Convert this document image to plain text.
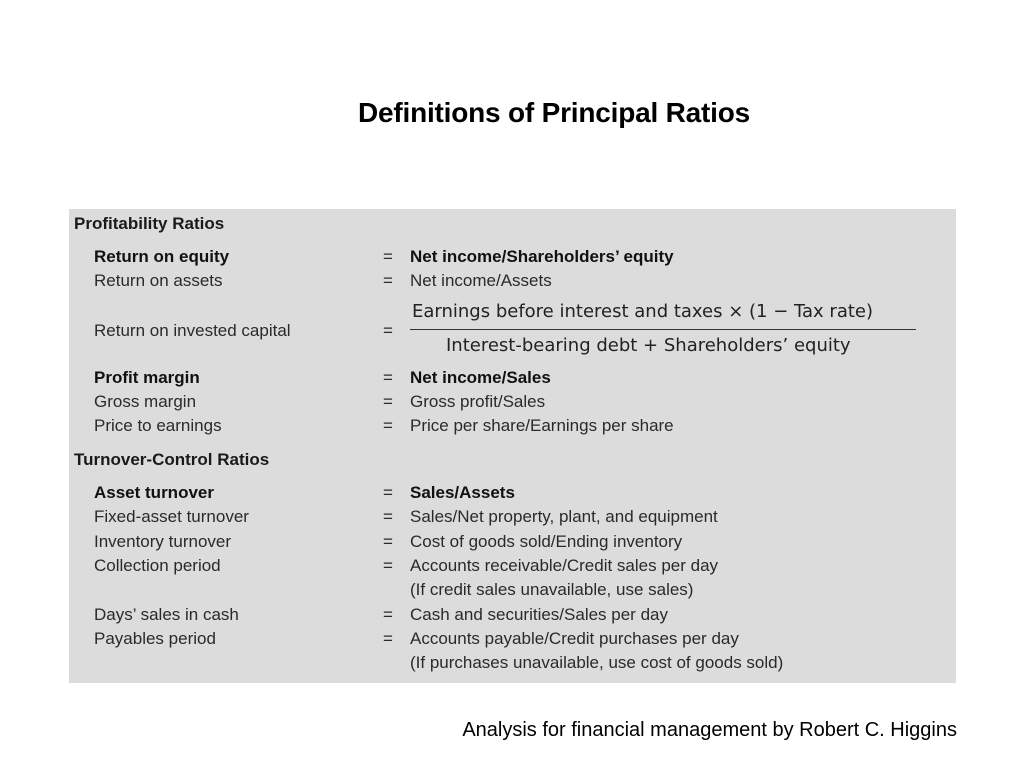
Definitions of Principal Ratios
Profitability Ratios
Return on equity	= Net income/Shareholders’ equity
Return on assets	= Net income/Assets
Return on invested capital	=
Earnings before interest and taxes × (1 − Tax rate)
Interest-bearing debt + Shareholders’ equity
Profit margin	= Net income/Sales
Gross margin	= Gross profit/Sales
Price to earnings	= Price per share/Earnings per share
Turnover-Control Ratios
Asset turnover	= Sales/Assets
Fixed-asset turnover	= Sales/Net property, plant, and equipment
Inventory turnover	= Cost of goods sold/Ending inventory
Collection period	= Accounts receivable/Credit sales per day
(If credit sales unavailable, use sales)
Days’ sales in cash	= Cash and securities/Sales per day
Payables period	= Accounts payable/Credit purchases per day
(If purchases unavailable, use cost of goods sold)
Analysis for financial management by Robert C. Higgins
